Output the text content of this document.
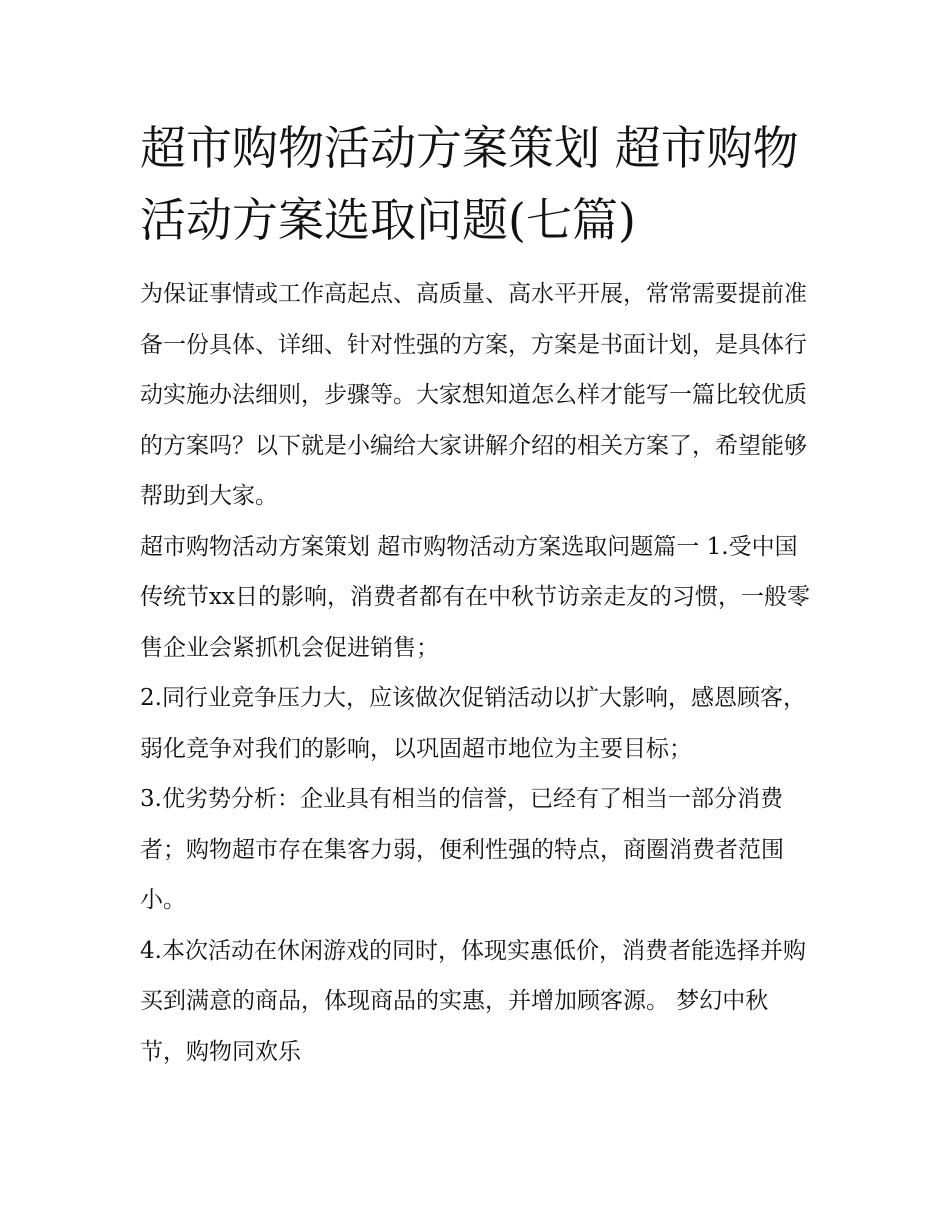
超市购物活动方案策划 超市购物活动方案选取问题(七篇)

为保证事情或工作高起点、高质量、高水平开展，常常需要提前准备一份具体、详细、针对性强的方案，方案是书面计划，是具体行动实施办法细则，步骤等。大家想知道怎么样才能写一篇比较优质的方案吗？以下就是小编给大家讲解介绍的相关方案了，希望能够帮助到大家。

超市购物活动方案策划 超市购物活动方案选取问题篇一 1.受中国传统节xx日的影响，消费者都有在中秋节访亲走友的习惯，一般零售企业会紧抓机会促进销售；

2.同行业竞争压力大，应该做次促销活动以扩大影响，感恩顾客，弱化竞争对我们的影响，以巩固超市地位为主要目标；

3.优劣势分析：企业具有相当的信誉，已经有了相当一部分消费者；购物超市存在集客力弱，便利性强的特点，商圈消费者范围小。

4.本次活动在休闲游戏的同时，体现实惠低价，消费者能选择并购买到满意的商品，体现商品的实惠，并增加顾客源。 梦幻中秋节，购物同欢乐
